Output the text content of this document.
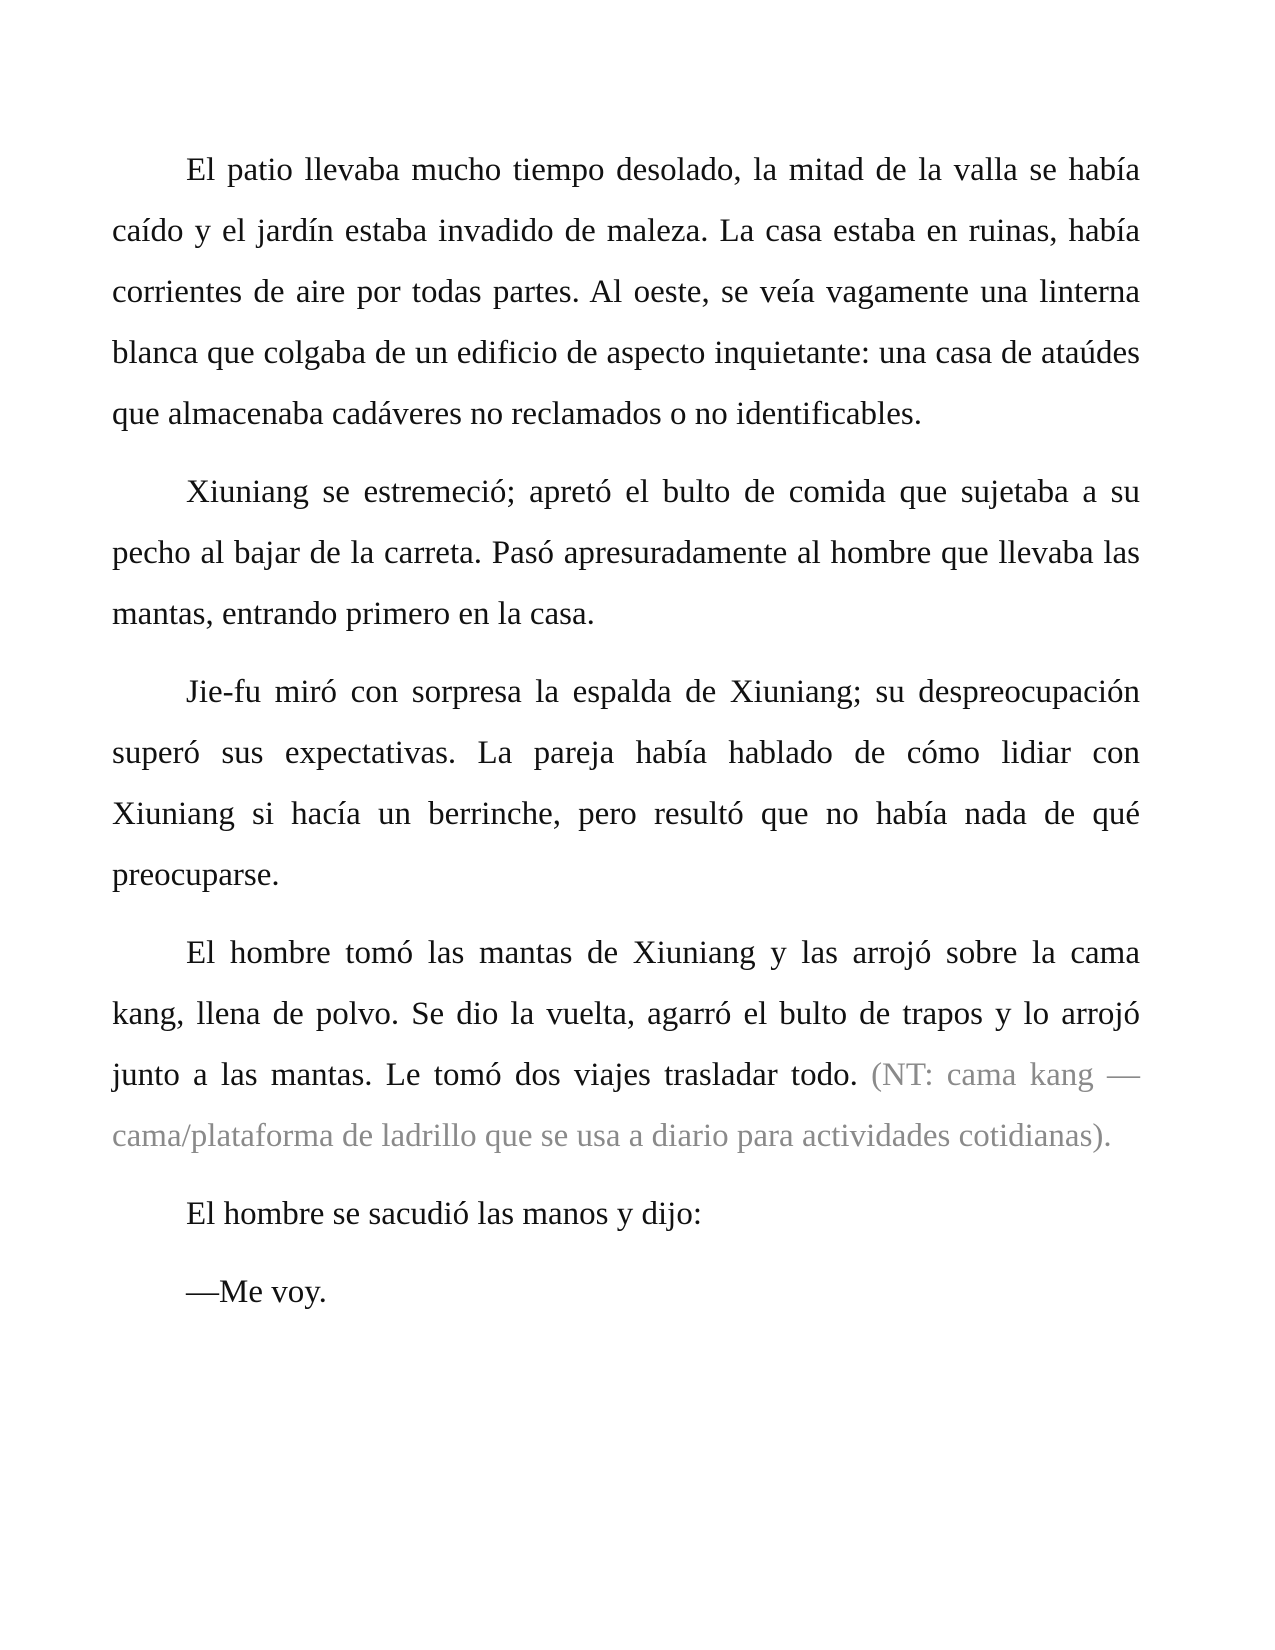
El patio llevaba mucho tiempo desolado, la mitad de la valla se había caído y el jardín estaba invadido de maleza. La casa estaba en ruinas, había corrientes de aire por todas partes. Al oeste, se veía vagamente una linterna blanca que colgaba de un edificio de aspecto inquietante: una casa de ataúdes que almacenaba cadáveres no reclamados o no identificables.

Xiuniang se estremeció; apretó el bulto de comida que sujetaba a su pecho al bajar de la carreta. Pasó apresuradamente al hombre que llevaba las mantas, entrando primero en la casa.

Jie-fu miró con sorpresa la espalda de Xiuniang; su despreocupación superó sus expectativas. La pareja había hablado de cómo lidiar con Xiuniang si hacía un berrinche, pero resultó que no había nada de qué preocuparse.

El hombre tomó las mantas de Xiuniang y las arrojó sobre la cama kang, llena de polvo. Se dio la vuelta, agarró el bulto de trapos y lo arrojó junto a las mantas. Le tomó dos viajes trasladar todo. (NT: cama kang — cama/plataforma de ladrillo que se usa a diario para actividades cotidianas).

El hombre se sacudió las manos y dijo:

—Me voy.
